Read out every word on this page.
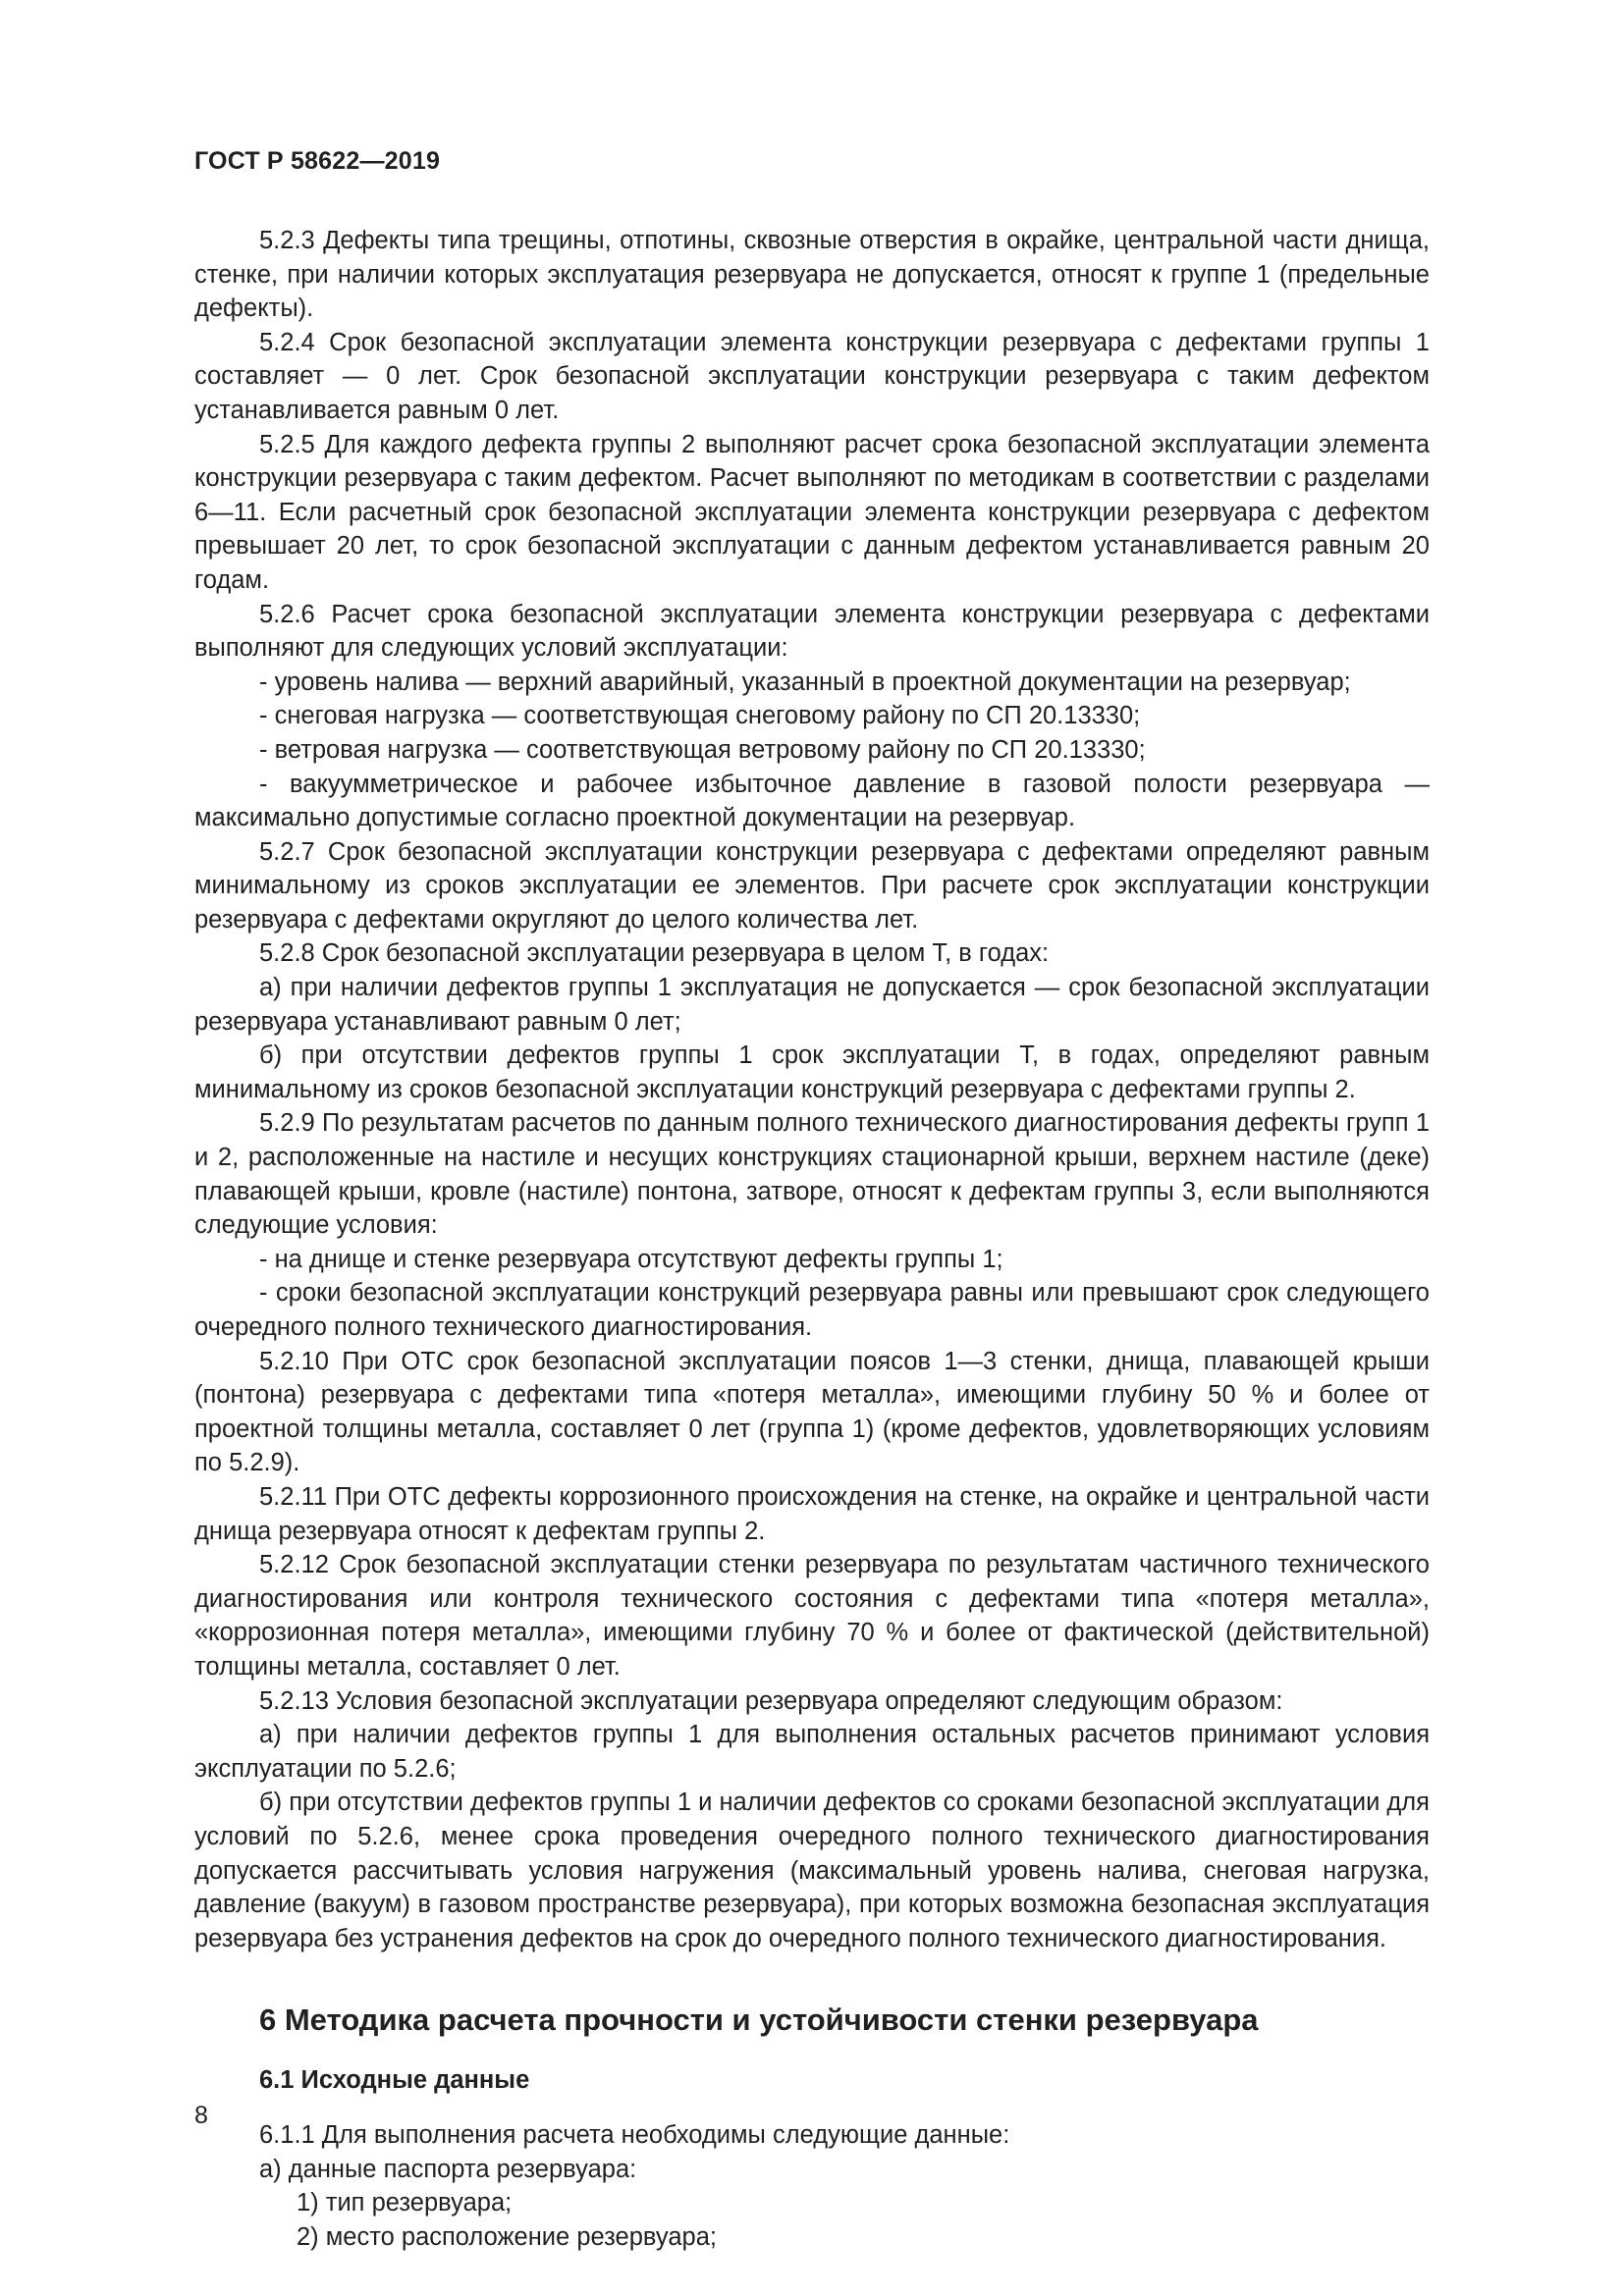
ГОСТ Р 58622—2019

5.2.3 Дефекты типа трещины, отпотины, сквозные отверстия в окрайке, центральной части днища, стенке, при наличии которых эксплуатация резервуара не допускается, относят к группе 1 (предельные дефекты).

5.2.4 Срок безопасной эксплуатации элемента конструкции резервуара с дефектами группы 1 составляет — 0 лет. Срок безопасной эксплуатации конструкции резервуара с таким дефектом устанавливается равным 0 лет.

5.2.5 Для каждого дефекта группы 2 выполняют расчет срока безопасной эксплуатации элемента конструкции резервуара с таким дефектом. Расчет выполняют по методикам в соответствии с разделами 6—11. Если расчетный срок безопасной эксплуатации элемента конструкции резервуара с дефектом превышает 20 лет, то срок безопасной эксплуатации с данным дефектом устанавливается равным 20 годам.

5.2.6 Расчет срока безопасной эксплуатации элемента конструкции резервуара с дефектами выполняют для следующих условий эксплуатации:

- уровень налива — верхний аварийный, указанный в проектной документации на резервуар;

- снеговая нагрузка — соответствующая снеговому району по СП 20.13330;

- ветровая нагрузка — соответствующая ветровому району по СП 20.13330;

- вакуумметрическое и рабочее избыточное давление в газовой полости резервуара — максимально допустимые согласно проектной документации на резервуар.

5.2.7 Срок безопасной эксплуатации конструкции резервуара с дефектами определяют равным минимальному из сроков эксплуатации ее элементов. При расчете срок эксплуатации конструкции резервуара с дефектами округляют до целого количества лет.

5.2.8 Срок безопасной эксплуатации резервуара в целом T, в годах:

а) при наличии дефектов группы 1 эксплуатация не допускается — срок безопасной эксплуатации резервуара устанавливают равным 0 лет;

б) при отсутствии дефектов группы 1 срок эксплуатации T, в годах, определяют равным минимальному из сроков безопасной эксплуатации конструкций резервуара с дефектами группы 2.

5.2.9 По результатам расчетов по данным полного технического диагностирования дефекты групп 1 и 2, расположенные на настиле и несущих конструкциях стационарной крыши, верхнем настиле (деке) плавающей крыши, кровле (настиле) понтона, затворе, относят к дефектам группы 3, если выполняются следующие условия:

- на днище и стенке резервуара отсутствуют дефекты группы 1;

- сроки безопасной эксплуатации конструкций резервуара равны или превышают срок следующего очередного полного технического диагностирования.

5.2.10 При ОТС срок безопасной эксплуатации поясов 1—3 стенки, днища, плавающей крыши (понтона) резервуара с дефектами типа «потеря металла», имеющими глубину 50 % и более от проектной толщины металла, составляет 0 лет (группа 1) (кроме дефектов, удовлетворяющих условиям по 5.2.9).

5.2.11 При ОТС дефекты коррозионного происхождения на стенке, на окрайке и центральной части днища резервуара относят к дефектам группы 2.

5.2.12 Срок безопасной эксплуатации стенки резервуара по результатам частичного технического диагностирования или контроля технического состояния с дефектами типа «потеря металла», «коррозионная потеря металла», имеющими глубину 70 % и более от фактической (действительной) толщины металла, составляет 0 лет.

5.2.13 Условия безопасной эксплуатации резервуара определяют следующим образом:

а) при наличии дефектов группы 1 для выполнения остальных расчетов принимают условия эксплуатации по 5.2.6;

б) при отсутствии дефектов группы 1 и наличии дефектов со сроками безопасной эксплуатации для условий по 5.2.6, менее срока проведения очередного полного технического диагностирования допускается рассчитывать условия нагружения (максимальный уровень налива, снеговая нагрузка, давление (вакуум) в газовом пространстве резервуара), при которых возможна безопасная эксплуатация резервуара без устранения дефектов на срок до очередного полного технического диагностирования.

6 Методика расчета прочности и устойчивости стенки резервуара
6.1 Исходные данные

6.1.1 Для выполнения расчета необходимы следующие данные:

а) данные паспорта резервуара:

1) тип резервуара;

2) место расположение резервуара;

8
